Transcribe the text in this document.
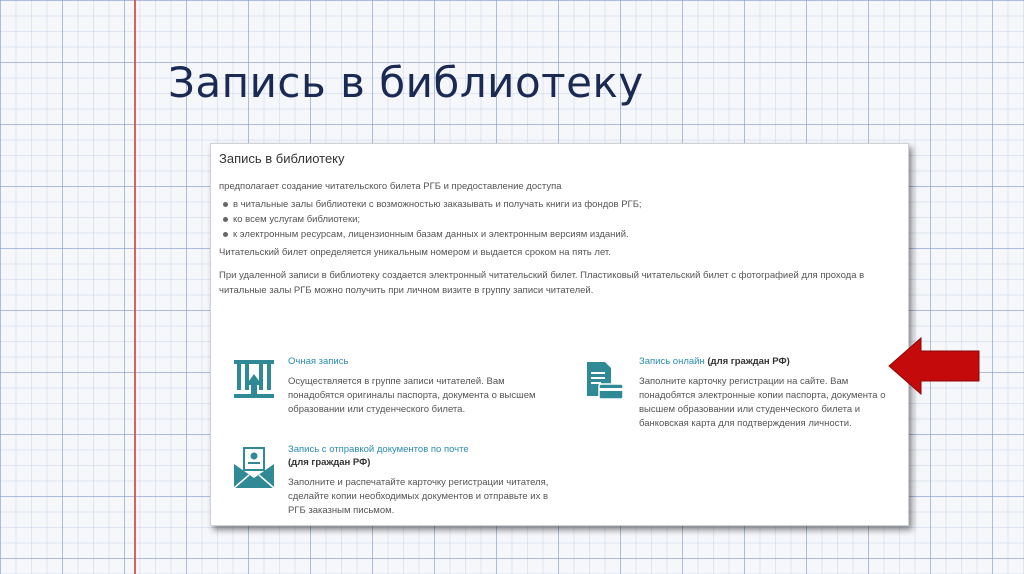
Запись в библиотеку
Запись в библиотеку
предполагает создание читательского билета РГБ и предоставление доступа
в читальные залы библиотеки с возможностью заказывать и получать книги из фондов РГБ;
ко всем услугам библиотеки;
к электронным ресурсам, лицензионным базам данных и электронным версиям изданий.
Читательский билет определяется уникальным номером и выдается сроком на пять лет.
При удаленной записи в библиотеку создается электронный читательский билет. Пластиковый читательский билет с фотографией для прохода в читальные залы РГБ можно получить при личном визите в группу записи читателей.
Очная запись
Осуществляется в группе записи читателей. Вам понадобятся оригиналы паспорта, документа о высшем образовании или студенческого билета.
Запись онлайн (для граждан РФ)
Заполните карточку регистрации на сайте. Вам понадобятся электронные копии паспорта, документа о высшем образовании или студенческого билета и банковская карта для подтверждения личности.
Запись с отправкой документов по почте
(для граждан РФ)
Заполните и распечатайте карточку регистрации читателя, сделайте копии необходимых документов и отправьте их в РГБ заказным письмом.
